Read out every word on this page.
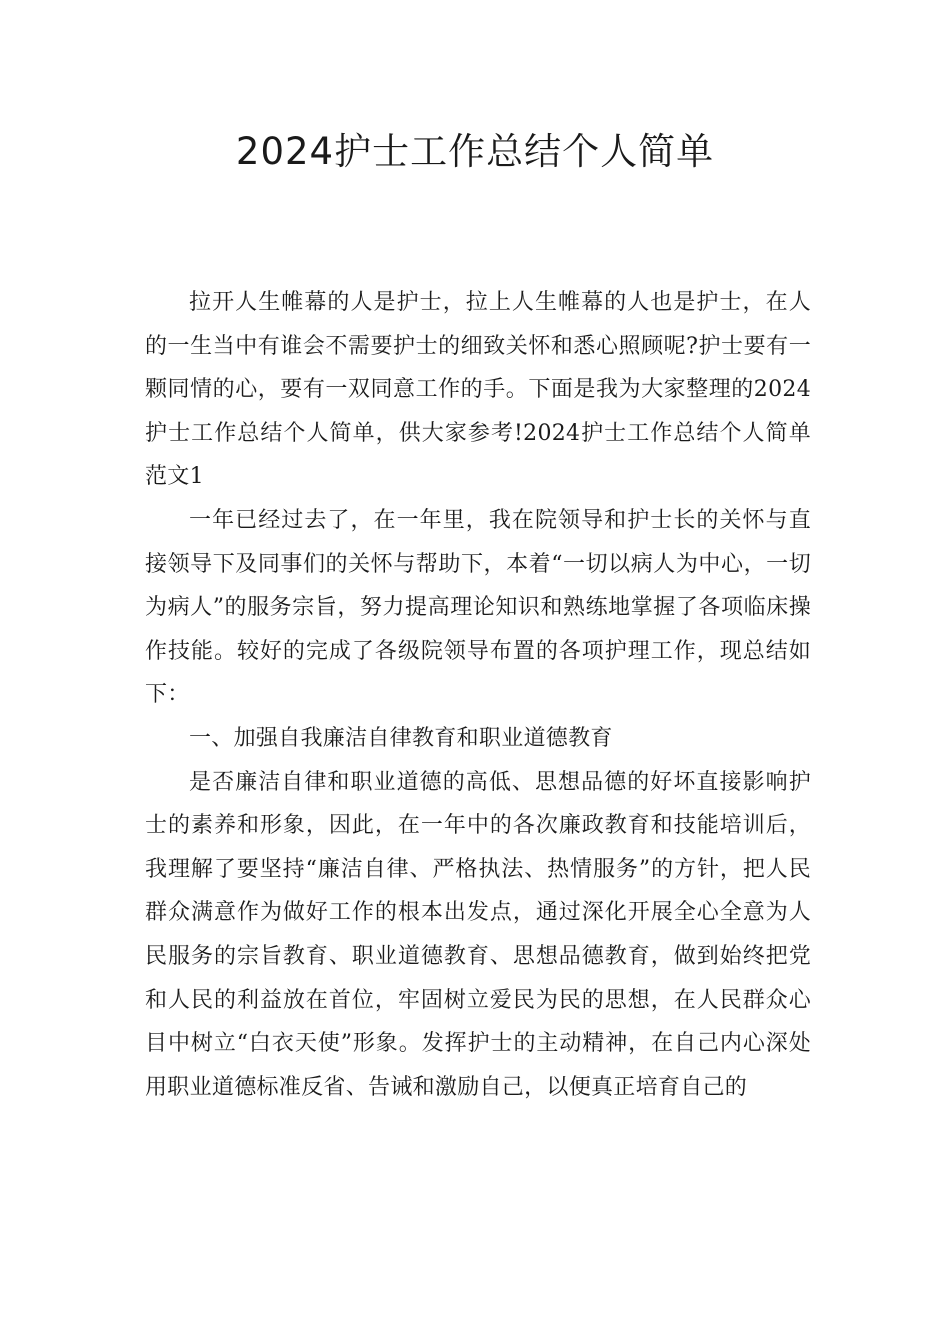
2024护士工作总结个人简单

拉开人生帷幕的人是护士，拉上人生帷幕的人也是护士，在人的一生当中有谁会不需要护士的细致关怀和悉心照顾呢?护士要有一颗同情的心，要有一双同意工作的手。下面是我为大家整理的2024护士工作总结个人简单，供大家参考!2024护士工作总结个人简单范文1

一年已经过去了，在一年里，我在院领导和护士长的关怀与直接领导下及同事们的关怀与帮助下，本着“一切以病人为中心，一切为病人”的服务宗旨，努力提高理论知识和熟练地掌握了各项临床操作技能。较好的完成了各级院领导布置的各项护理工作，现总结如下：

一、加强自我廉洁自律教育和职业道德教育

是否廉洁自律和职业道德的高低、思想品德的好坏直接影响护士的素养和形象，因此，在一年中的各次廉政教育和技能培训后，我理解了要坚持“廉洁自律、严格执法、热情服务”的方针，把人民群众满意作为做好工作的根本出发点，通过深化开展全心全意为人民服务的宗旨教育、职业道德教育、思想品德教育，做到始终把党和人民的利益放在首位，牢固树立爱民为民的思想，在人民群众心目中树立“白衣天使”形象。发挥护士的主动精神，在自己内心深处用职业道德标准反省、告诫和激励自己，以便真正培育自己的
